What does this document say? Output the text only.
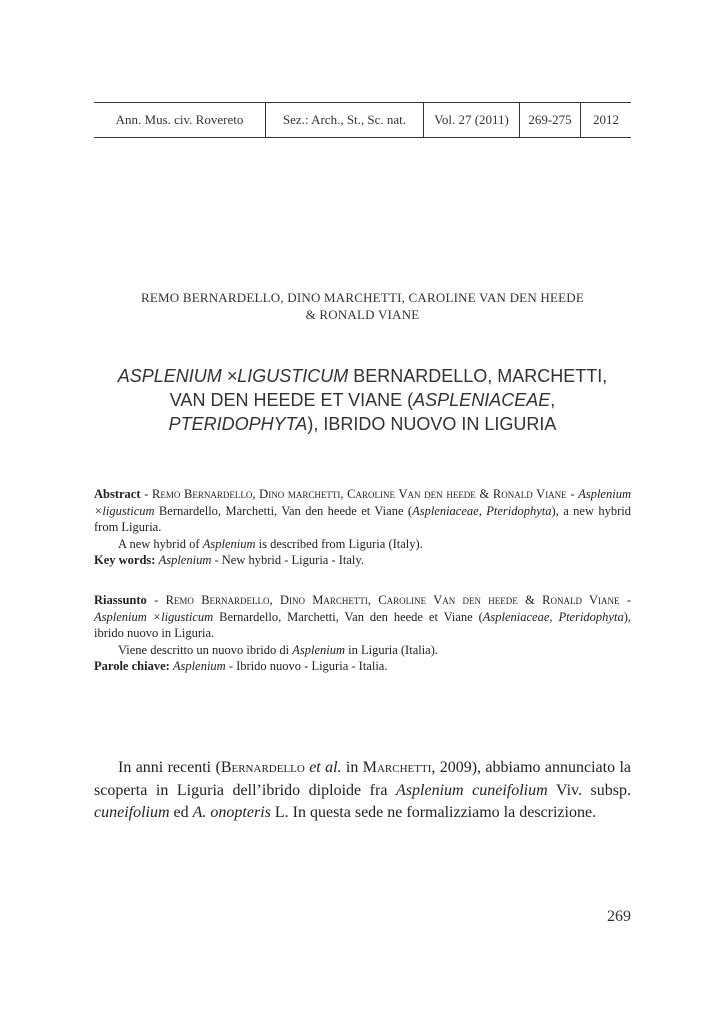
Ann. Mus. civ. Rovereto	Sez.: Arch., St., Sc. nat.	Vol. 27 (2011)	269-275	2012
REMO BERNARDELLO, DINO MARCHETTI, CAROLINE VAN DEN HEEDE
& RONALD VIANE
ASPLENIUM ×LIGUSTICUM BERNARDELLO, MARCHETTI,
VAN DEN HEEDE ET VIANE (ASPLENIACEAE,
PTERIDOPHYTA), IBRIDO NUOVO IN LIGURIA

Abstract - Remo Bernardello, Dino marchetti, Caroline Van den heede & Ronald Viane - Asplenium ×ligusticum Bernardello, Marchetti, Van den heede et Viane (Aspleniaceae, Pteridophyta), a new hybrid from Liguria.

A new hybrid of Asplenium is described from Liguria (Italy).

Key words: Asplenium - New hybrid - Liguria - Italy.

Riassunto - Remo Bernardello, Dino Marchetti, Caroline Van den heede & Ronald Viane - Asplenium ×ligusticum Bernardello, Marchetti, Van den heede et Viane (Aspleniaceae, Pteridophyta), ibrido nuovo in Liguria.

Viene descritto un nuovo ibrido di Asplenium in Liguria (Italia).

Parole chiave: Asplenium - Ibrido nuovo - Liguria - Italia.

In anni recenti (Bernardello et al. in Marchetti, 2009), abbiamo annunciato la scoperta in Liguria dell’ibrido diploide fra Asplenium cuneifolium Viv. subsp. cuneifolium ed A. onopteris L. In questa sede ne formalizziamo la descrizione.

269
